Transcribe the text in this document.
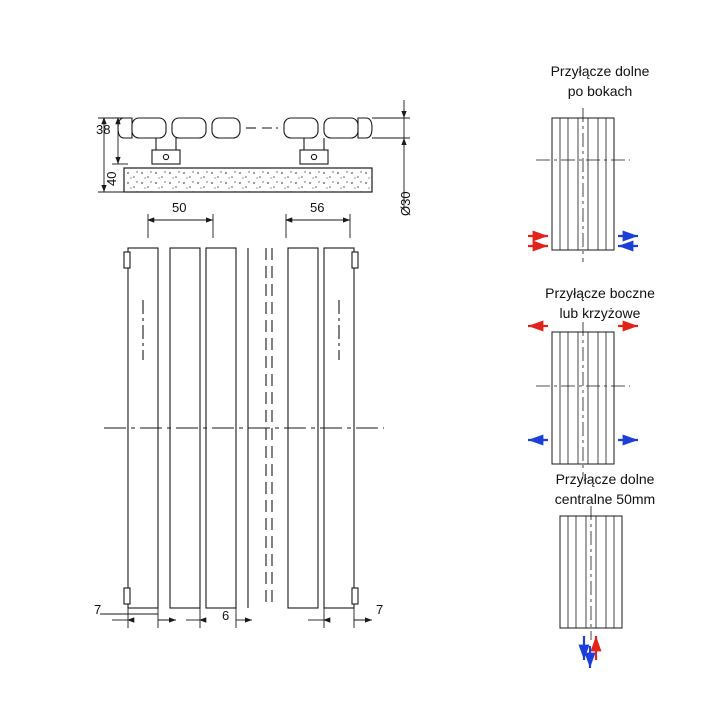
38
40
Ø30
50	56
7	6	7
Przyłącze dolne
po bokach
Przyłącze boczne
lub krzyżowe
Przyłącze dolne
centralne 50mm
